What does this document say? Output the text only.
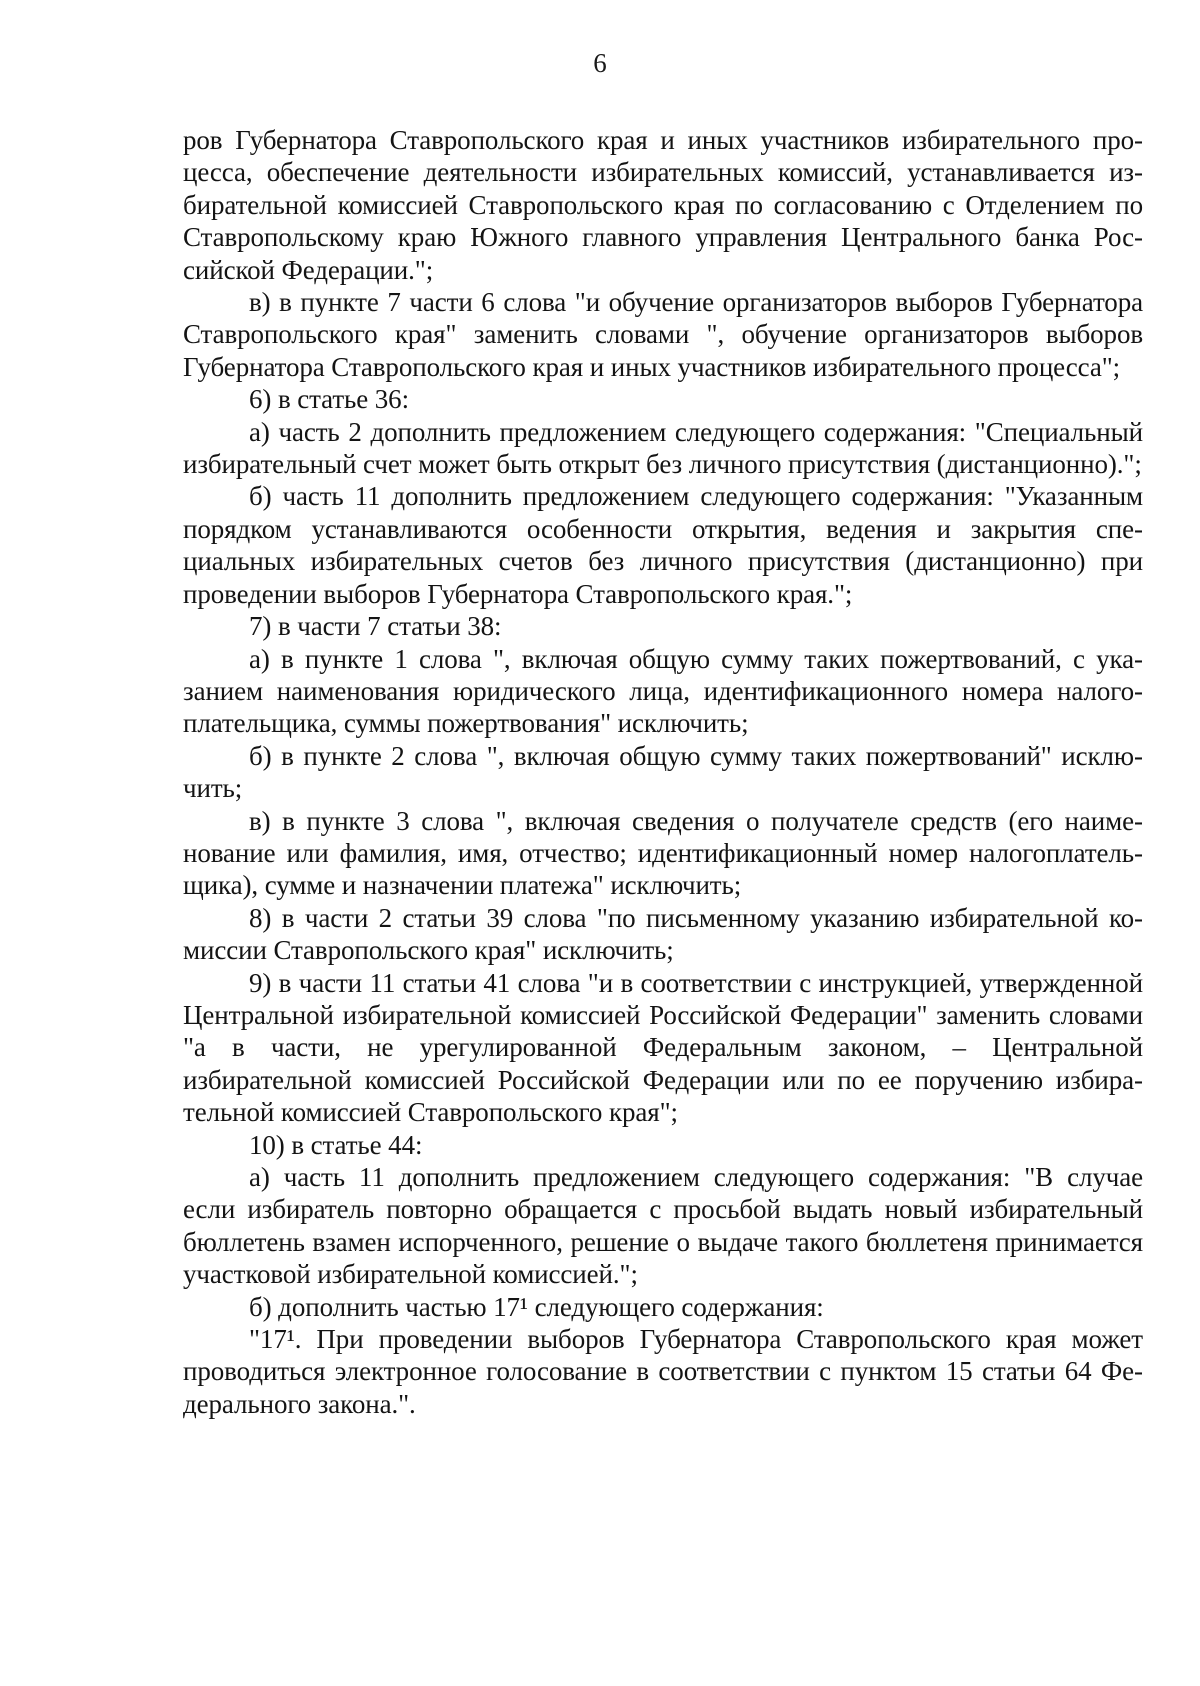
6

ров Губернатора Ставропольского края и иных участников избирательного процесса, обеспечение деятельности избирательных комиссий, устанавливается избирательной комиссией Ставропольского края по согласованию с Отделением по Ставропольскому краю Южного главного управления Центрального банка Российской Федерации.";

в) в пункте 7 части 6 слова "и обучение организаторов выборов Губернатора Ставропольского края" заменить словами ", обучение организаторов выборов Губернатора Ставропольского края и иных участников избирательного процесса";

6) в статье 36:

а) часть 2 дополнить предложением следующего содержания: "Специальный избирательный счет может быть открыт без личного присутствия (дистанционно).";

б) часть 11 дополнить предложением следующего содержания: "Указанным порядком устанавливаются особенности открытия, ведения и закрытия специальных избирательных счетов без личного присутствия (дистанционно) при проведении выборов Губернатора Ставропольского края.";

7) в части 7 статьи 38:

а) в пункте 1 слова ", включая общую сумму таких пожертвований, с указанием наименования юридического лица, идентификационного номера налогоплательщика, суммы пожертвования" исключить;

б) в пункте 2 слова ", включая общую сумму таких пожертвований" исключить;

в) в пункте 3 слова ", включая сведения о получателе средств (его наименование или фамилия, имя, отчество; идентификационный номер налогоплательщика), сумме и назначении платежа" исключить;

8) в части 2 статьи 39 слова "по письменному указанию избирательной комиссии Ставропольского края" исключить;

9) в части 11 статьи 41 слова "и в соответствии с инструкцией, утвержденной Центральной избирательной комиссией Российской Федерации" заменить словами "а в части, не урегулированной Федеральным законом, – Центральной избирательной комиссией Российской Федерации или по ее поручению избирательной комиссией Ставропольского края";

10) в статье 44:

а) часть 11 дополнить предложением следующего содержания: "В случае если избиратель повторно обращается с просьбой выдать новый избирательный бюллетень взамен испорченного, решение о выдаче такого бюллетеня принимается участковой избирательной комиссией.";

б) дополнить частью 17¹ следующего содержания:

"17¹. При проведении выборов Губернатора Ставропольского края может проводиться электронное голосование в соответствии с пунктом 15 статьи 64 Федерального закона.".
